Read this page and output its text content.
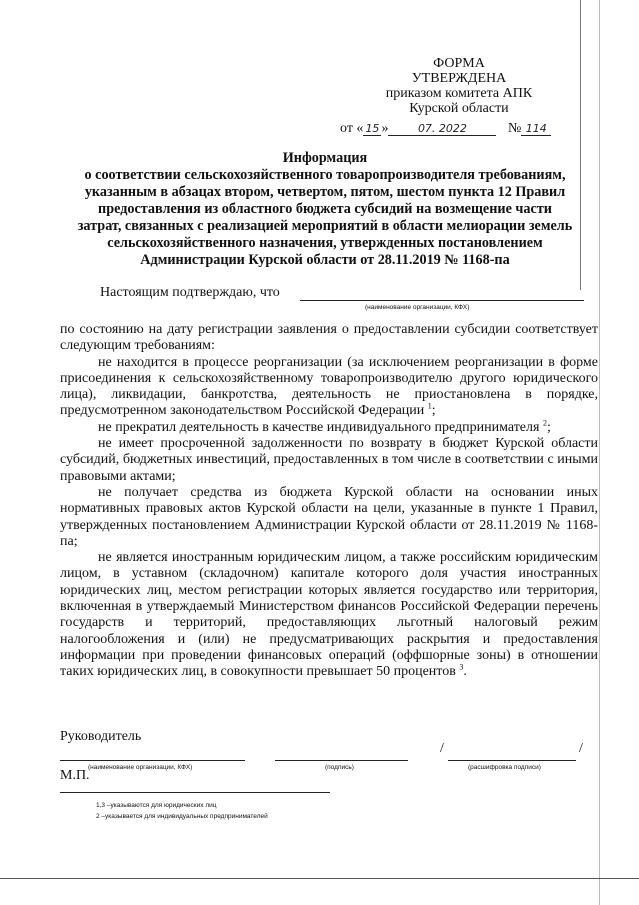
ФОРМА
УТВЕРЖДЕНА
приказом комитета АПК
Курской области
от « 15 »	07. 2022	№ 114
Информация
о соответствии сельскохозяйственного товаропроизводителя требованиям,
указанным в абзацах втором, четвертом, пятом, шестом пункта 12 Правил
предоставления из областного бюджета субсидий на возмещение части
затрат, связанных с реализацией мероприятий в области мелиорации земель
сельскохозяйственного назначения, утвержденных постановлением
Администрации Курской области от 28.11.2019 № 1168-па
Настоящим подтверждаю, что
(наименование организации, КФХ)

по состоянию на дату регистрации заявления о предоставлении субсидии соответствует следующим требованиям:

не находится в процессе реорганизации (за исключением реорганизации в форме присоединения к сельскохозяйственному товаропроизводителю другого юридического лица), ликвидации, банкротства, деятельность не приостановлена в порядке, предусмотренном законодательством Российской Федерации $^1$;

не прекратил деятельность в качестве индивидуального предпринимателя $^2$;

не имеет просроченной задолженности по возврату в бюджет Курской области субсидий, бюджетных инвестиций, предоставленных в том числе в соответствии с иными правовыми актами;

не получает средства из бюджета Курской области на основании иных нормативных правовых актов Курской области на цели, указанные в пункте 1 Правил, утвержденных постановлением Администрации Курской области от 28.11.2019 № 1168-па;

не является иностранным юридическим лицом, а также российским юридическим лицом, в уставном (складочном) капитале которого доля участия иностранных юридических лиц, местом регистрации которых является государство или территория, включенная в утверждаемый Министерством финансов Российской Федерации перечень государств и территорий, предоставляющих льготный налоговый режим налогообложения и (или) не предусматривающих раскрытия и предоставления информации при проведении финансовых операций (оффшорные зоны) в отношении таких юридических лиц, в совокупности превышает 50 процентов $^3$.

Руководитель
(наименование организации, КФХ)	(подпись)
/	/
(расшифровка подписи)
М.П.
1,3 –указываются для юридических лиц
2 –указывается для индивидуальных предпринимателей
